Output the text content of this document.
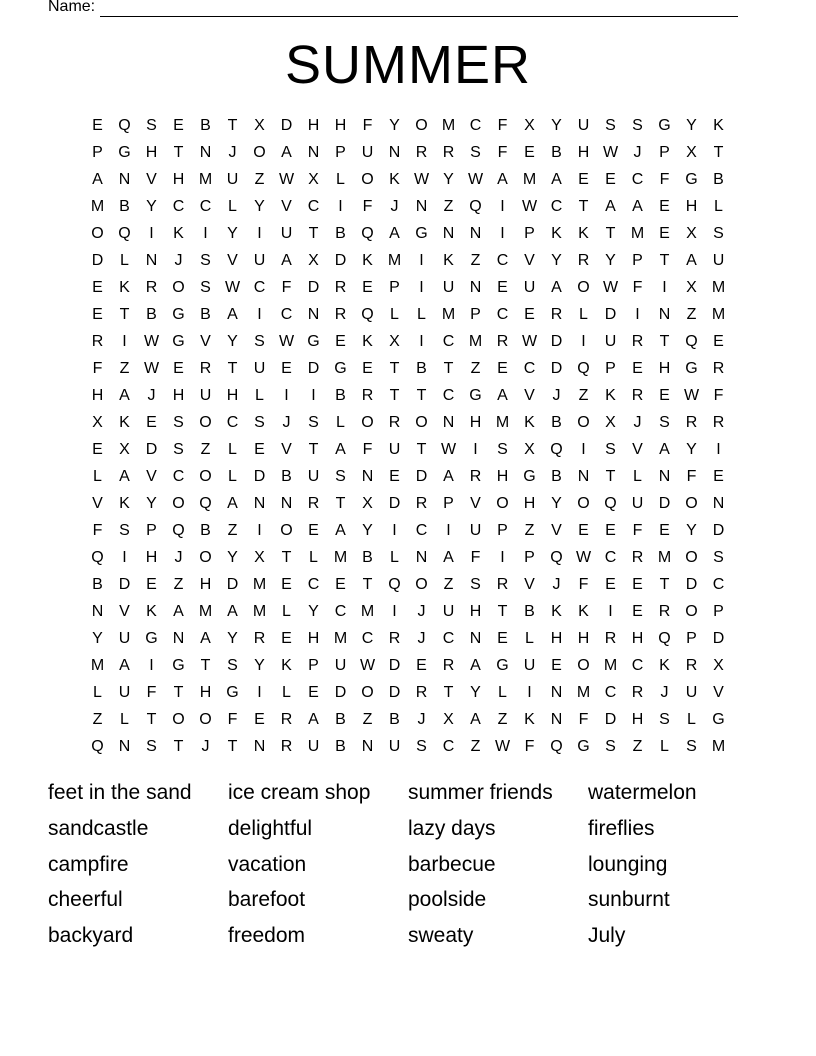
Name:
SUMMER
E Q S	E	B	T	X D H H	F	Y O M C	F	X	Y U S	S G Y	K
P G H	T	N	J	O A N P U N R R S	F	E	B H W J	P	X	T
A N V H M U	Z W X	L	O K W Y W A M A	E	E C	F G B
M B	Y C C	L	Y	V C	I	F	J	N	Z Q	I	W C	T	A	A	E H	L
O Q	I	K	I	Y	I	U	T	B Q A G N N	I	P	K	K	T M E	X	S
D	L	N	J	S	V U A	X D K M	I	K	Z	C V	Y R Y	P	T	A U
E	K R O S W C	F	D R E	P	I	U N E U A O W F	I	X M
E	T	B G B	A	I	C N R Q	L	L M P C E R	L	D	I	N	Z M
R	I	W G V	Y	S W G E	K	X	I	C M R W D	I	U R	T Q E
F	Z W E R	T	U E D G E	T	B	T	Z	E C D Q P	E H G R
H A	J	H U H	L	I	I	B R	T	T	C G A	V	J	Z	K R E W F
X	K	E	S O C S	J	S	L	O R O N H M K	B O X	J	S R R
E	X D S	Z	L	E	V	T	A	F	U	T W	I	S	X Q	I	S	V	A	Y	I
L	A	V C O	L	D B U S N E D A R H G B N	T	L	N	F	E
V	K	Y O Q A N N R	T	X D R P	V O H Y O Q U D O N
F	S	P Q B	Z	I	O E	A	Y	I	C	I	U P	Z	V	E	E	F	E	Y D
Q	I	H	J	O Y	X	T	L M B	L	N A	F	I	P Q W C R M O S
B D E	Z	H D M E C E	T Q O Z	S R V	J	F	E	E	T	D C
N V	K	A M A M L	Y C M	I	J	U H	T	B	K	K	I	E R O P
Y U G N A	Y R E H M C R	J	C N E	L	H H R H Q P D
M A	I	G T	S	Y	K	P U W D E R A G U E O M C K R X
L	U	F	T	H G	I	L	E D O D R	T	Y	L	I	N M C R	J	U V
Z	L	T O O F	E R A	B	Z	B	J	X	A	Z	K N	F	D H S	L	G
Q N S	T	J	T	N R U B N U S C	Z W F Q G S	Z	L	S M
feet in the sand	ice cream shop	summer friends	watermelon
sandcastle	delightful	lazy days	fireflies
campfire	vacation	barbecue	lounging
cheerful	barefoot	poolside	sunburnt
backyard	freedom	sweaty	July
